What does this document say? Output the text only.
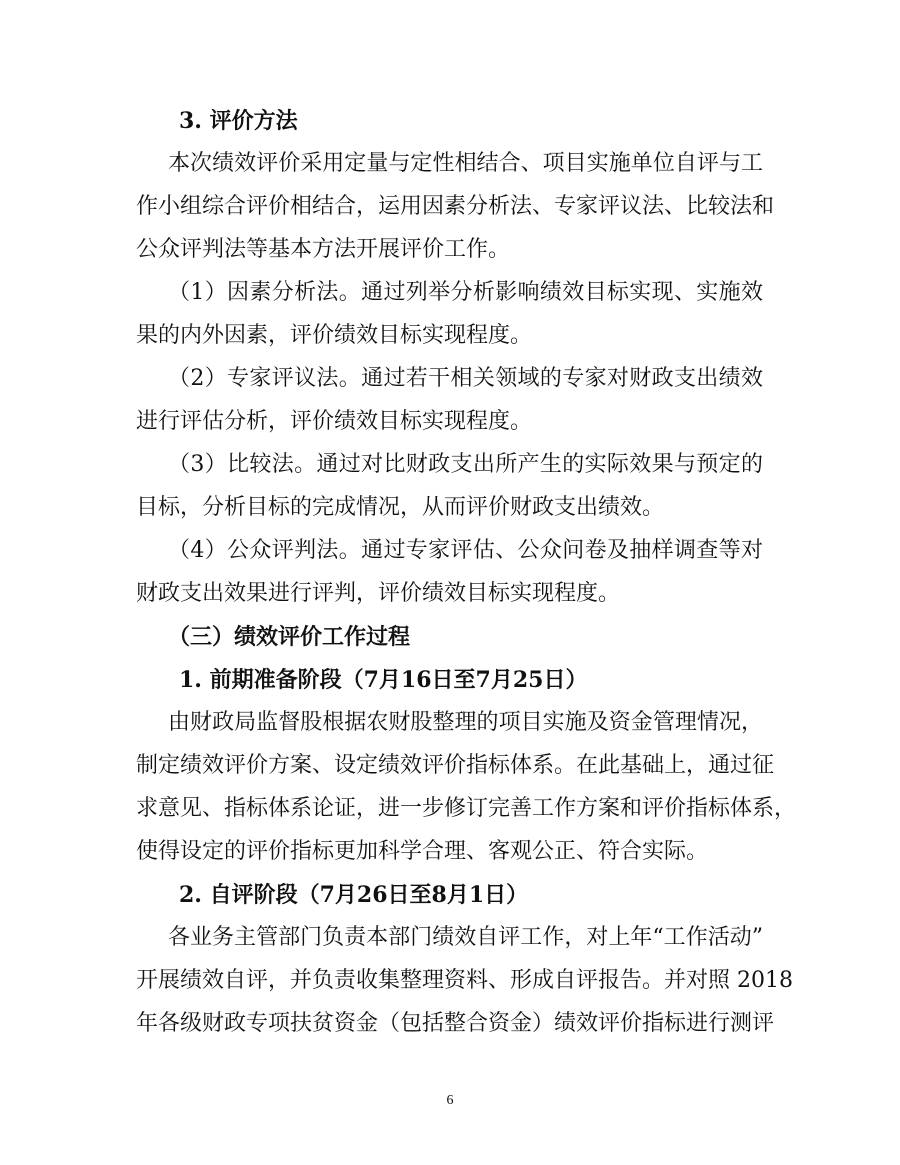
3. 评价方法
本次绩效评价采用定量与定性相结合、项目实施单位自评与工
作小组综合评价相结合，运用因素分析法、专家评议法、比较法和
公众评判法等基本方法开展评价工作。
（1）因素分析法。通过列举分析影响绩效目标实现、实施效
果的内外因素，评价绩效目标实现程度。
（2）专家评议法。通过若干相关领域的专家对财政支出绩效
进行评估分析，评价绩效目标实现程度。
（3）比较法。通过对比财政支出所产生的实际效果与预定的
目标，分析目标的完成情况，从而评价财政支出绩效。
（4）公众评判法。通过专家评估、公众问卷及抽样调查等对
财政支出效果进行评判，评价绩效目标实现程度。
（三）绩效评价工作过程
1. 前期准备阶段（7月16日至7月25日）
由财政局监督股根据农财股整理的项目实施及资金管理情况，
制定绩效评价方案、设定绩效评价指标体系。在此基础上，通过征
求意见、指标体系论证，进一步修订完善工作方案和评价指标体系，
使得设定的评价指标更加科学合理、客观公正、符合实际。
2. 自评阶段（7月26日至8月1日）
各业务主管部门负责本部门绩效自评工作，对上年“工作活动”
开展绩效自评，并负责收集整理资料、形成自评报告。并对照 2018
年各级财政专项扶贫资金（包括整合资金）绩效评价指标进行测评
6
